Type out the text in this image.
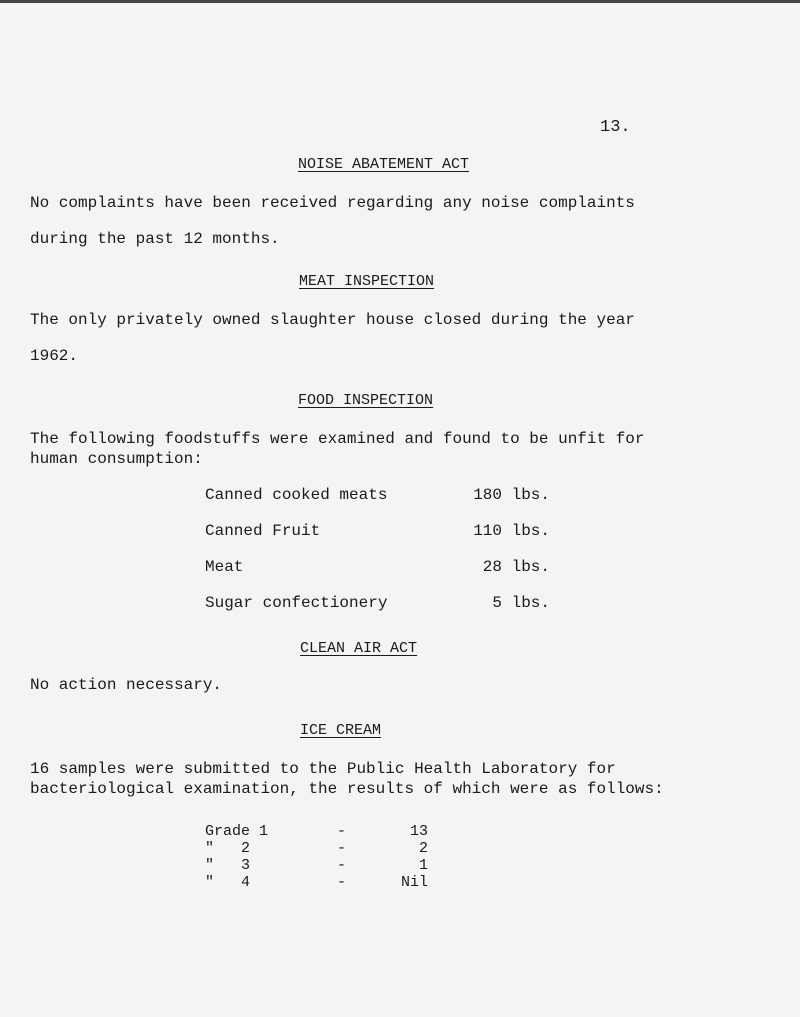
13.
NOISE ABATEMENT ACT
No complaints have been received regarding any noise complaints
during the past 12 months.
MEAT INSPECTION
The only privately owned slaughter house closed during the year
1962.
FOOD INSPECTION
The following foodstuffs were examined and found to be unfit for
human consumption:
Canned cooked meats	180 lbs.
Canned Fruit	110 lbs.
Meat	28 lbs.
Sugar confectionery	5 lbs.
CLEAN AIR ACT
No action necessary.
ICE CREAM
16 samples were submitted to the Public Health Laboratory for
bacteriological examination, the results of which were as follows:
Grade 1	-	13
"   2	-	2
"   3	-	1
"   4	-	Nil
